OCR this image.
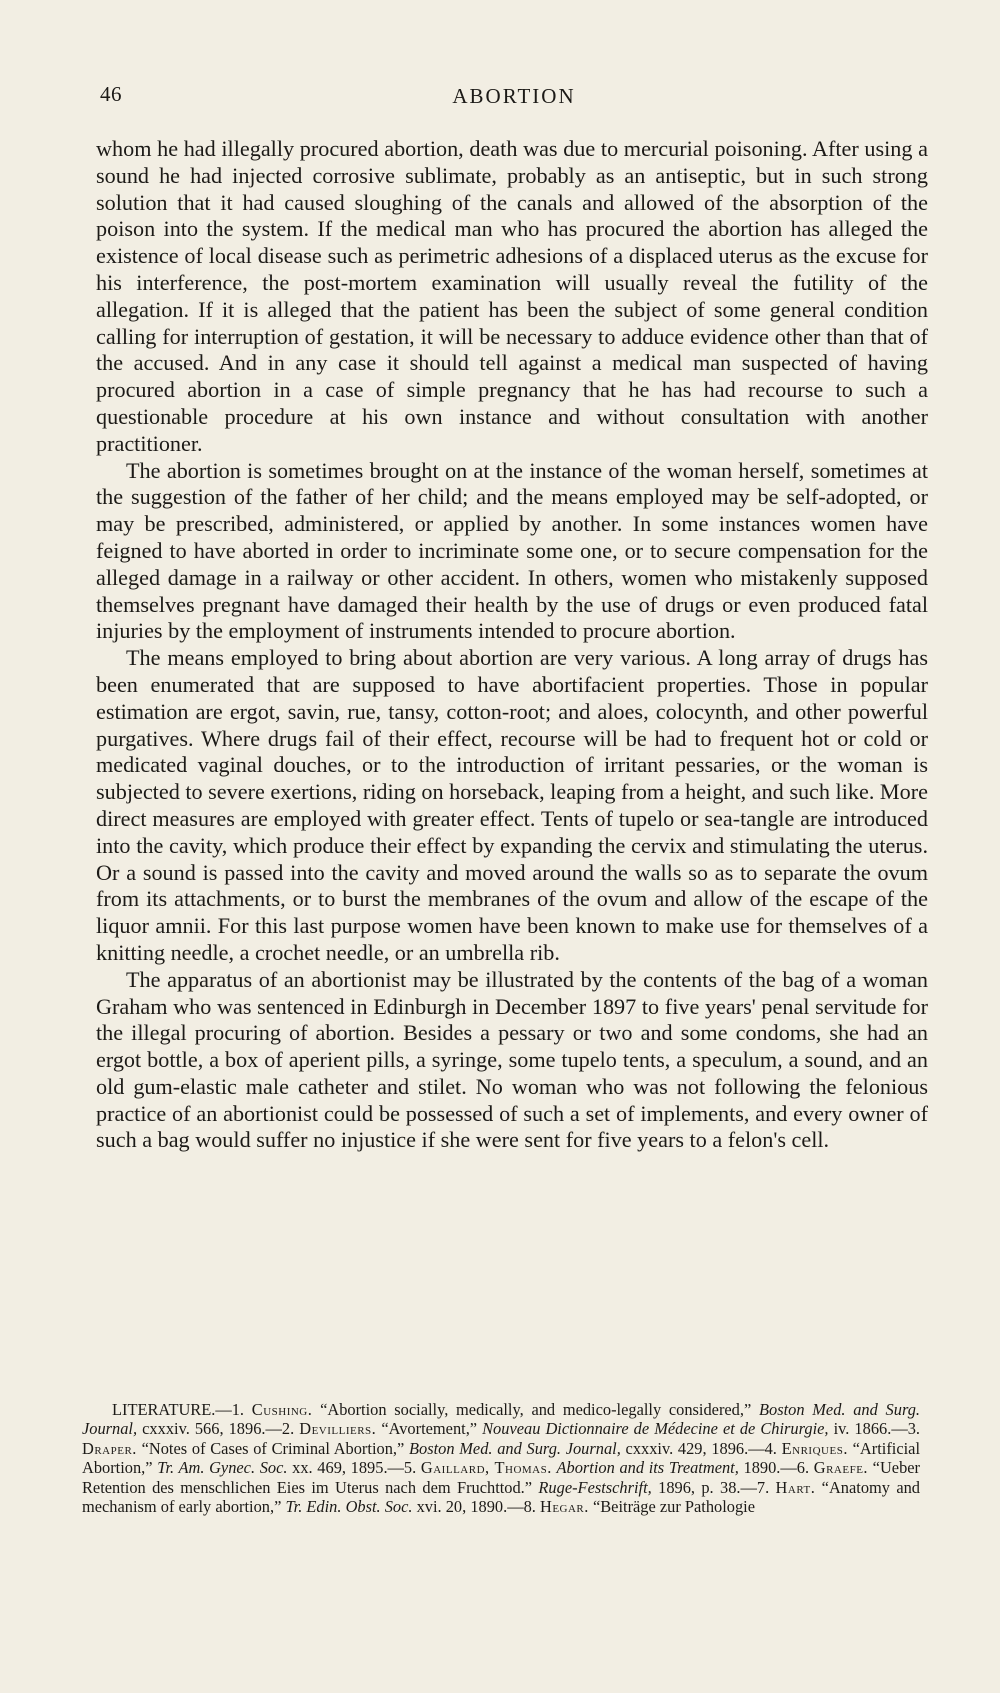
46	ABORTION

whom he had illegally procured abortion, death was due to mercurial poisoning. After using a sound he had injected corrosive sublimate, probably as an antiseptic, but in such strong solution that it had caused sloughing of the canals and allowed of the absorption of the poison into the system. If the medical man who has procured the abortion has alleged the existence of local disease such as perimetric adhesions of a displaced uterus as the excuse for his interference, the post-mortem examination will usually reveal the futility of the allegation. If it is alleged that the patient has been the subject of some general condition calling for interruption of gestation, it will be necessary to adduce evidence other than that of the accused. And in any case it should tell against a medical man suspected of having procured abortion in a case of simple pregnancy that he has had recourse to such a questionable procedure at his own instance and without consultation with another practitioner.

The abortion is sometimes brought on at the instance of the woman herself, sometimes at the suggestion of the father of her child; and the means employed may be self-adopted, or may be prescribed, administered, or applied by another. In some instances women have feigned to have aborted in order to incriminate some one, or to secure compensation for the alleged damage in a railway or other accident. In others, women who mistakenly supposed themselves pregnant have damaged their health by the use of drugs or even produced fatal injuries by the employment of instruments intended to procure abortion.

The means employed to bring about abortion are very various. A long array of drugs has been enumerated that are supposed to have abortifacient properties. Those in popular estimation are ergot, savin, rue, tansy, cotton-root; and aloes, colocynth, and other powerful purgatives. Where drugs fail of their effect, recourse will be had to frequent hot or cold or medicated vaginal douches, or to the introduction of irritant pessaries, or the woman is subjected to severe exertions, riding on horseback, leaping from a height, and such like. More direct measures are employed with greater effect. Tents of tupelo or sea-tangle are introduced into the cavity, which produce their effect by expanding the cervix and stimulating the uterus. Or a sound is passed into the cavity and moved around the walls so as to separate the ovum from its attachments, or to burst the membranes of the ovum and allow of the escape of the liquor amnii. For this last purpose women have been known to make use for themselves of a knitting needle, a crochet needle, or an umbrella rib.

The apparatus of an abortionist may be illustrated by the contents of the bag of a woman Graham who was sentenced in Edinburgh in December 1897 to five years' penal servitude for the illegal procuring of abortion. Besides a pessary or two and some condoms, she had an ergot bottle, a box of aperient pills, a syringe, some tupelo tents, a speculum, a sound, and an old gum-elastic male catheter and stilet. No woman who was not following the felonious practice of an abortionist could be possessed of such a set of implements, and every owner of such a bag would suffer no injustice if she were sent for five years to a felon's cell.

LITERATURE.—1. Cushing. “Abortion socially, medically, and medico-legally considered,” Boston Med. and Surg. Journal, cxxxiv. 566, 1896.—2. Devilliers. “Avortement,” Nouveau Dictionnaire de Médecine et de Chirurgie, iv. 1866.—3. Draper. “Notes of Cases of Criminal Abortion,” Boston Med. and Surg. Journal, cxxxiv. 429, 1896.—4. Enriques. “Artificial Abortion,” Tr. Am. Gynec. Soc. xx. 469, 1895.—5. Gaillard, Thomas. Abortion and its Treatment, 1890.—6. Graefe. “Ueber Retention des menschlichen Eies im Uterus nach dem Fruchttod.” Ruge-Festschrift, 1896, p. 38.—7. Hart. “Anatomy and mechanism of early abortion,” Tr. Edin. Obst. Soc. xvi. 20, 1890.—8. Hegar. “Beiträge zur Pathologie
